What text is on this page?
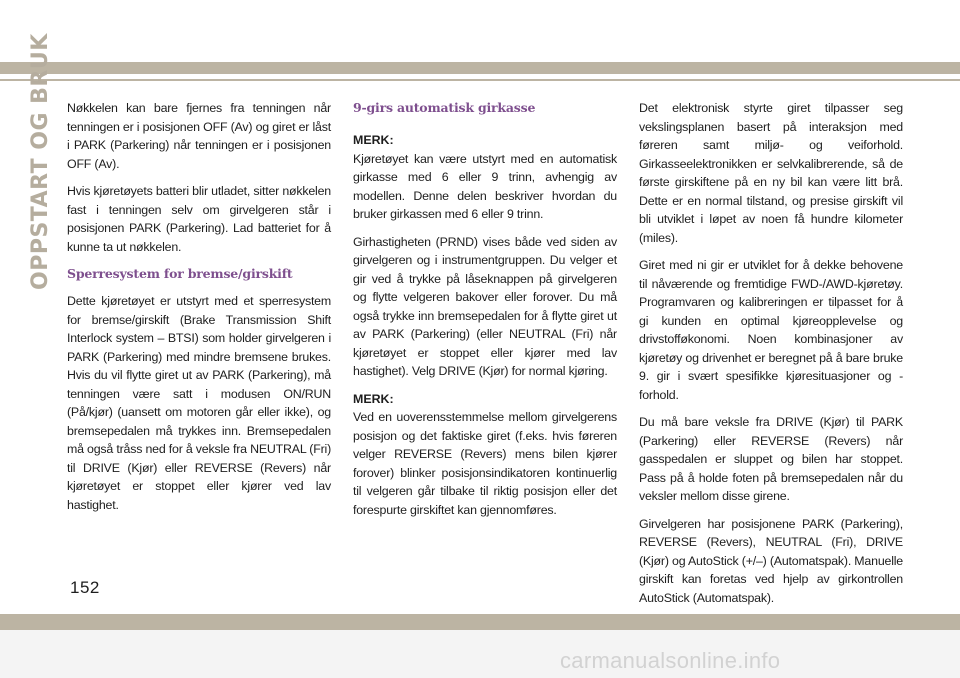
OPPSTART OG BRUK Nøkkelen kan bare fjernes fra tenningen når tenningen er i posisjonen OFF (Av) og giret er låst i PARK (Parkering) når tenningen er i posisjonen OFF (Av).

Hvis kjøretøyets batteri blir utladet, sitter nøkkelen fast i tenningen selv om girvelgeren står i posisjonen PARK (Parkering). Lad batteriet for å kunne ta ut nøkkelen.

Sperresystem for bremse/girskift

Dette kjøretøyet er utstyrt med et sperresystem for bremse/girskift (Brake Transmission Shift Interlock system – BTSI) som holder girvelgeren i PARK (Parkering) med mindre bremsene brukes. Hvis du vil flytte giret ut av PARK (Parkering), må tenningen være satt i modusen ON/RUN (På/kjør) (uansett om motoren går eller ikke), og bremsepedalen må trykkes inn. Bremsepedalen må også tråss ned for å veksle fra NEUTRAL (Fri) til DRIVE (Kjør) eller REVERSE (Revers) når kjøretøyet er stoppet eller kjører ved lav hastighet.

9-girs automatisk girkasse

MERK:

Kjøretøyet kan være utstyrt med en automatisk girkasse med 6 eller 9 trinn, avhengig av modellen. Denne delen beskriver hvordan du bruker girkassen med 6 eller 9 trinn.

Girhastigheten (PRND) vises både ved siden av girvelgeren og i instrumentgruppen. Du velger et gir ved å trykke på låseknappen på girvelgeren og flytte velgeren bakover eller forover. Du må også trykke inn bremsepedalen for å flytte giret ut av PARK (Parkering) (eller NEUTRAL (Fri) når kjøretøyet er stoppet eller kjører med lav hastighet). Velg DRIVE (Kjør) for normal kjøring.

MERK:

Ved en uoverensstemmelse mellom girvelgerens posisjon og det faktiske giret (f.eks. hvis føreren velger REVERSE (Revers) mens bilen kjører forover) blinker posisjonsindikatoren kontinuerlig til velgeren går tilbake til riktig posisjon eller det forespurte girskiftet kan gjennomføres.

Det elektronisk styrte giret tilpasser seg vekslingsplanen basert på interaksjon med føreren samt miljø- og veiforhold. Girkasseelektronikken er selvkalibrerende, så de første girskiftene på en ny bil kan være litt brå. Dette er en normal tilstand, og presise girskift vil bli utviklet i løpet av noen få hundre kilometer (miles).

Giret med ni gir er utviklet for å dekke behovene til nåværende og fremtidige FWD-/AWD-kjøretøy. Programvaren og kalibreringen er tilpasset for å gi kunden en optimal kjøreopplevelse og drivstofføkonomi. Noen kombinasjoner av kjøretøy og drivenhet er beregnet på å bare bruke 9. gir i svært spesifikke kjøresituasjoner og -forhold.

Du må bare veksle fra DRIVE (Kjør) til PARK (Parkering) eller REVERSE (Revers) når gasspedalen er sluppet og bilen har stoppet. Pass på å holde foten på bremsepedalen når du veksler mellom disse girene.

Girvelgeren har posisjonene PARK (Parkering), REVERSE (Revers), NEUTRAL (Fri), DRIVE (Kjør) og AutoStick (+/–) (Automatspak). Manuelle girskift kan foretas ved hjelp av girkontrollen AutoStick (Automatspak).

152
carmanualsonline.info
